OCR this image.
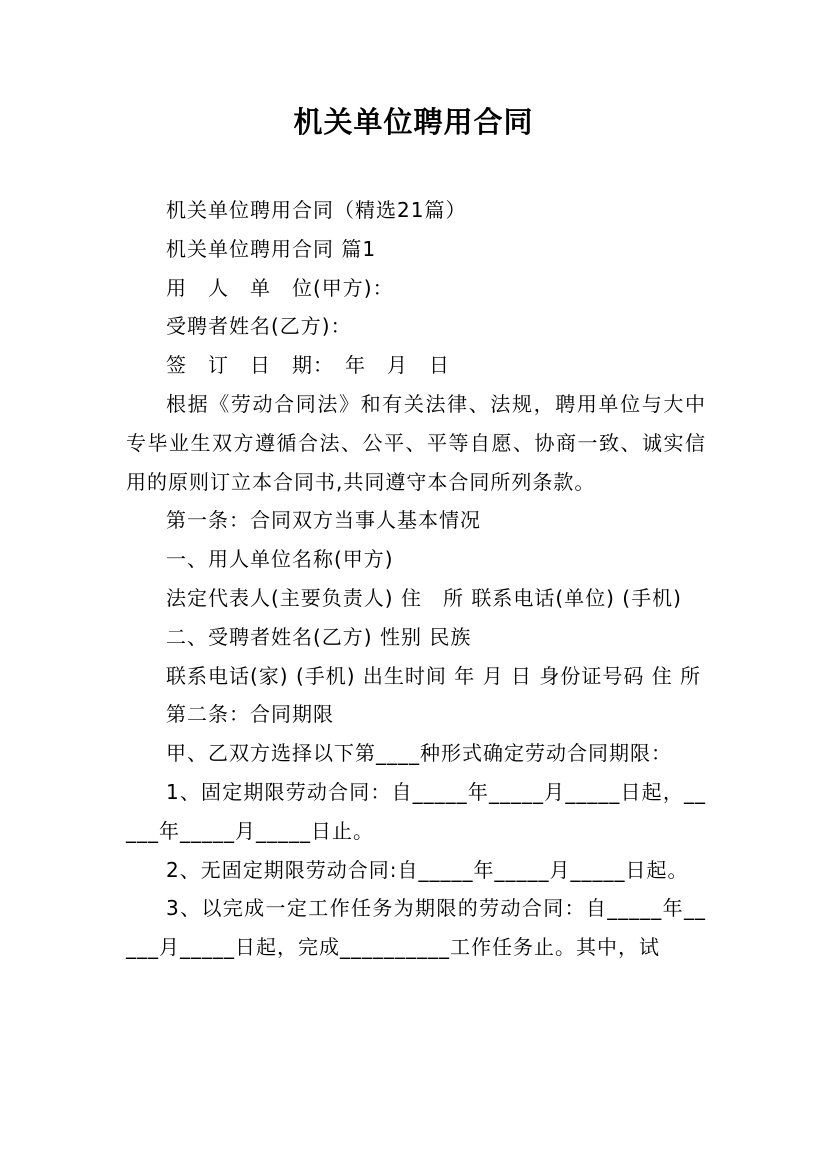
机关单位聘用合同

机关单位聘用合同（精选21篇）

机关单位聘用合同 篇1

用　人　单　位(甲方)：

受聘者姓名(乙方)：

签　订　日　期：　年　月　日

根据《劳动合同法》和有关法律、法规，聘用单位与大中专毕业生双方遵循合法、公平、平等自愿、协商一致、诚实信用的原则订立本合同书,共同遵守本合同所列条款。

第一条：合同双方当事人基本情况

一、用人单位名称(甲方)

法定代表人(主要负责人) 住　所 联系电话(单位) (手机)

二、受聘者姓名(乙方) 性别 民族

联系电话(家) (手机) 出生时间 年 月 日 身份证号码 住 所

第二条：合同期限

甲、乙双方选择以下第____种形式确定劳动合同期限：

1、固定期限劳动合同：自_____年_____月_____日起，_____年_____月_____日止。

2、无固定期限劳动合同:自_____年_____月_____日起。

3、以完成一定工作任务为期限的劳动合同：自_____年_____月_____日起，完成__________工作任务止。其中，试
